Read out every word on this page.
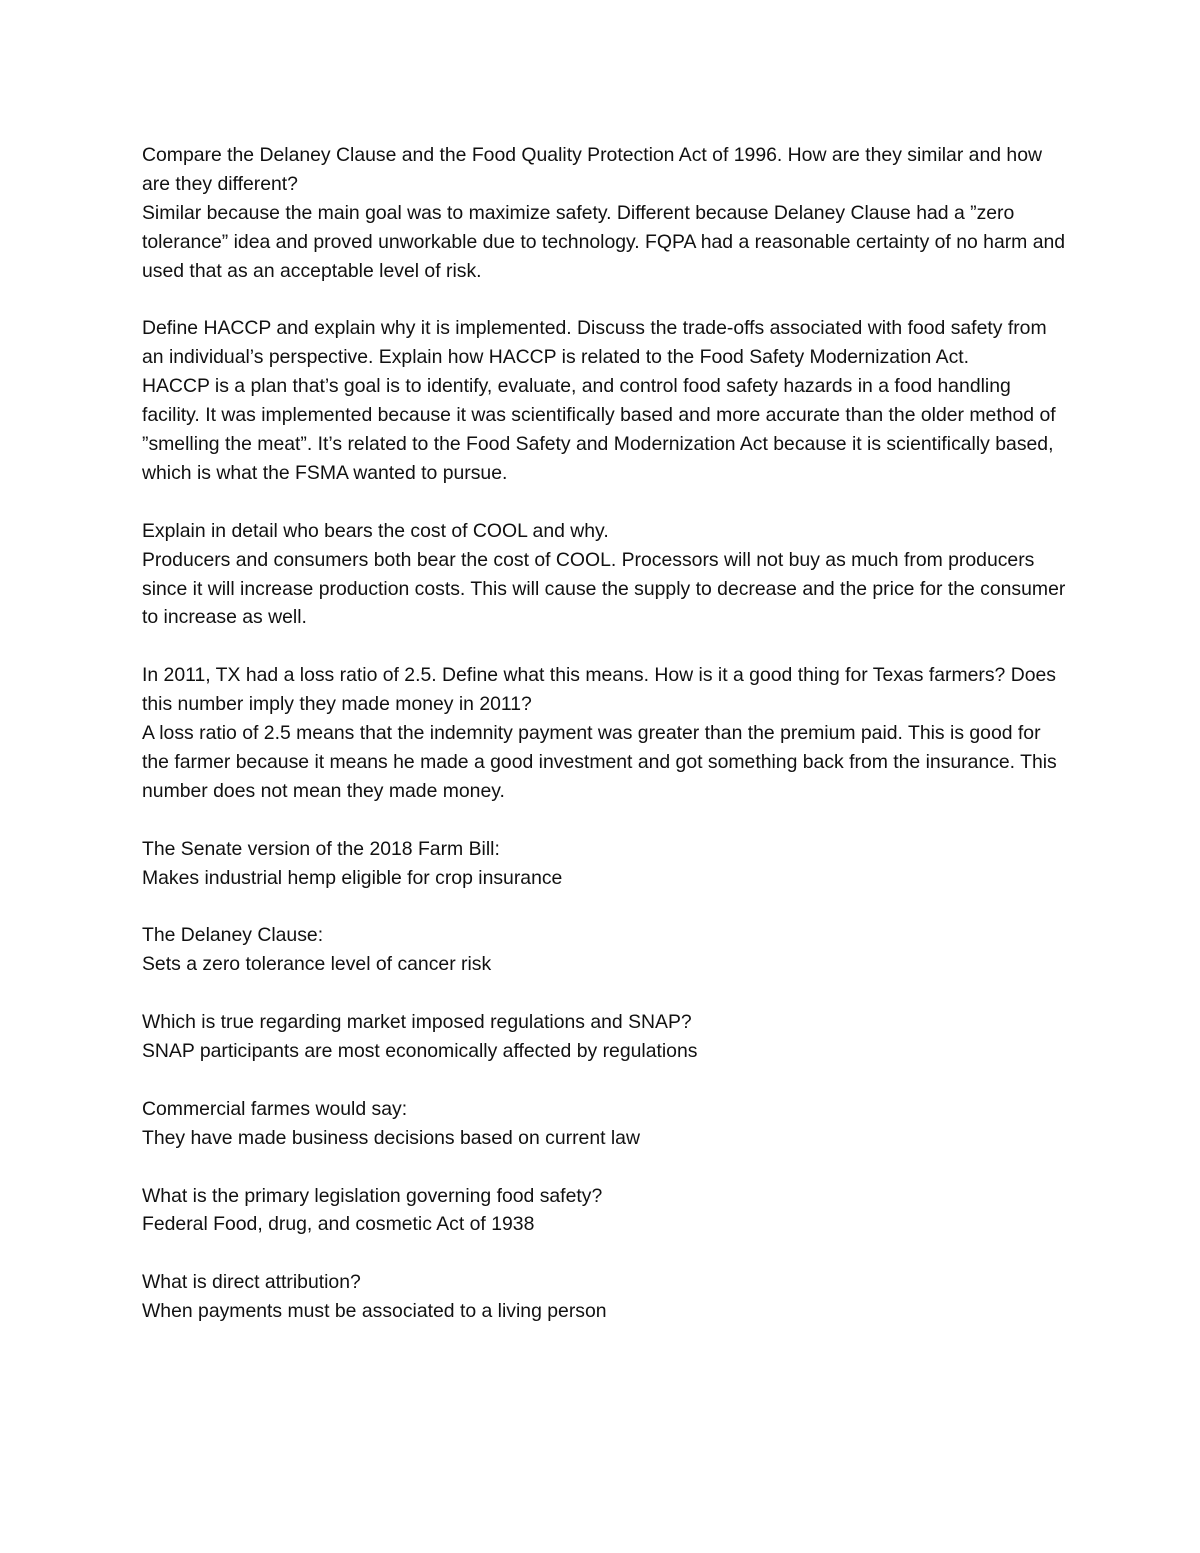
Compare the Delaney Clause and the Food Quality Protection Act of 1996. How are they similar and how are they different?

Similar because the main goal was to maximize safety. Different because Delaney Clause had a ”zero tolerance” idea and proved unworkable due to technology. FQPA had a reasonable certainty of no harm and used that as an acceptable level of risk.

Define HACCP and explain why it is implemented. Discuss the trade-offs associated with food safety from an individual’s perspective. Explain how HACCP is related to the Food Safety Modernization Act.

HACCP is a plan that’s goal is to identify, evaluate, and control food safety hazards in a food handling facility. It was implemented because it was scientifically based and more accurate than the older method of ”smelling the meat”. It’s related to the Food Safety and Modernization Act because it is scientifically based, which is what the FSMA wanted to pursue.

Explain in detail who bears the cost of COOL and why.

Producers and consumers both bear the cost of COOL. Processors will not buy as much from producers since it will increase production costs. This will cause the supply to decrease and the price for the consumer to increase as well.

In 2011, TX had a loss ratio of 2.5. Define what this means. How is it a good thing for Texas farmers? Does this number imply they made money in 2011?

A loss ratio of 2.5 means that the indemnity payment was greater than the premium paid. This is good for the farmer because it means he made a good investment and got something back from the insurance. This number does not mean they made money.

The Senate version of the 2018 Farm Bill:

Makes industrial hemp eligible for crop insurance

The Delaney Clause:

Sets a zero tolerance level of cancer risk

Which is true regarding market imposed regulations and SNAP?

SNAP participants are most economically affected by regulations

Commercial farmes would say:

They have made business decisions based on current law

What is the primary legislation governing food safety?

Federal Food, drug, and cosmetic Act of 1938

What is direct attribution?

When payments must be associated to a living person
